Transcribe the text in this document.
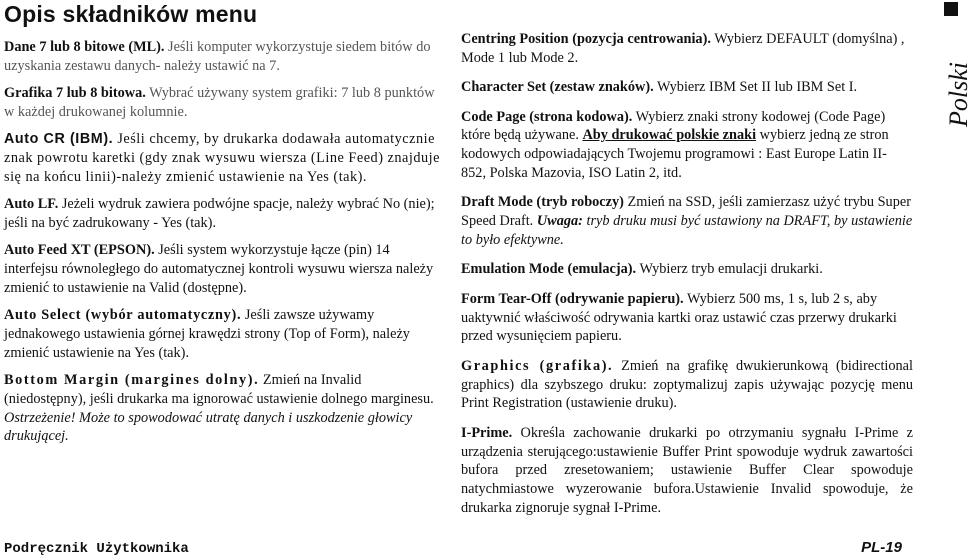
Opis składników menu
Polski

Dane 7 lub 8 bitowe (ML). Jeśli komputer wykorzystuje siedem bitów do uzyskania zestawu danych- należy ustawić na 7.

Grafika 7 lub 8 bitowa. Wybrać używany system grafiki: 7 lub 8 punktów w każdej drukowanej kolumnie.

Auto CR (IBM). Jeśli chcemy, by drukarka dodawała automatycznie znak powrotu karetki (gdy znak wysuwu wiersza (Line Feed) znajduje się na końcu linii)-należy zmienić ustawienie na Yes (tak).

Auto LF. Jeżeli wydruk zawiera podwójne spacje, należy wybrać No (nie); jeśli na być zadrukowany - Yes (tak).

Auto Feed XT (EPSON). Jeśli system wykorzystuje łącze (pin) 14 interfejsu równoległego do automatycznej kontroli wysuwu wiersza należy zmienić to ustawienie na Valid (dostępne).

Auto Select (wybór automatyczny). Jeśli zawsze używamy jednakowego ustawienia górnej krawędzi strony (Top of Form), należy zmienić ustawienie na Yes (tak).

Bottom Margin (margines dolny). Zmień na Invalid (niedostępny), jeśli drukarka ma ignorować ustawienie dolnego marginesu. Ostrzeżenie! Może to spowodować utratę danych i uszkodzenie głowicy drukującej.

Centring Position (pozycja centrowania). Wybierz DEFAULT (domyślna) , Mode 1 lub Mode 2.

Character Set (zestaw znaków). Wybierz IBM Set II lub IBM Set I.

Code Page (strona kodowa). Wybierz znaki strony kodowej (Code Page) które będą używane. Aby drukować polskie znaki wybierz jedną ze stron kodowych odpowiadających Twojemu programowi : East Europe Latin II- 852, Polska Mazovia, ISO Latin 2, itd.

Draft Mode (tryb roboczy) Zmień na SSD, jeśli zamierzasz użyć trybu Super Speed Draft. Uwaga: tryb druku musi być ustawiony na DRAFT, by ustawienie to było efektywne.

Emulation Mode (emulacja). Wybierz tryb emulacji drukarki.

Form Tear-Off (odrywanie papieru). Wybierz 500 ms, 1 s, lub 2 s, aby uaktywnić właściwość odrywania kartki oraz ustawić czas przerwy drukarki przed wysunięciem papieru.

Graphics (grafika). Zmień na grafikę dwukierunkową (bidirectional graphics) dla szybszego druku: zoptymalizuj zapis używając pozycję menu Print Registration (ustawienie druku).

I-Prime. Określa zachowanie drukarki po otrzymaniu sygnału I-Prime z urządzenia sterującego:ustawienie Buffer Print spowoduje wydruk zawartości bufora przed zresetowaniem; ustawienie Buffer Clear spowoduje natychmiastowe wyzerowanie bufora.Ustawienie Invalid spowoduje, że drukarka zignoruje sygnał I-Prime.

Podręcznik Użytkownika	PL-19
